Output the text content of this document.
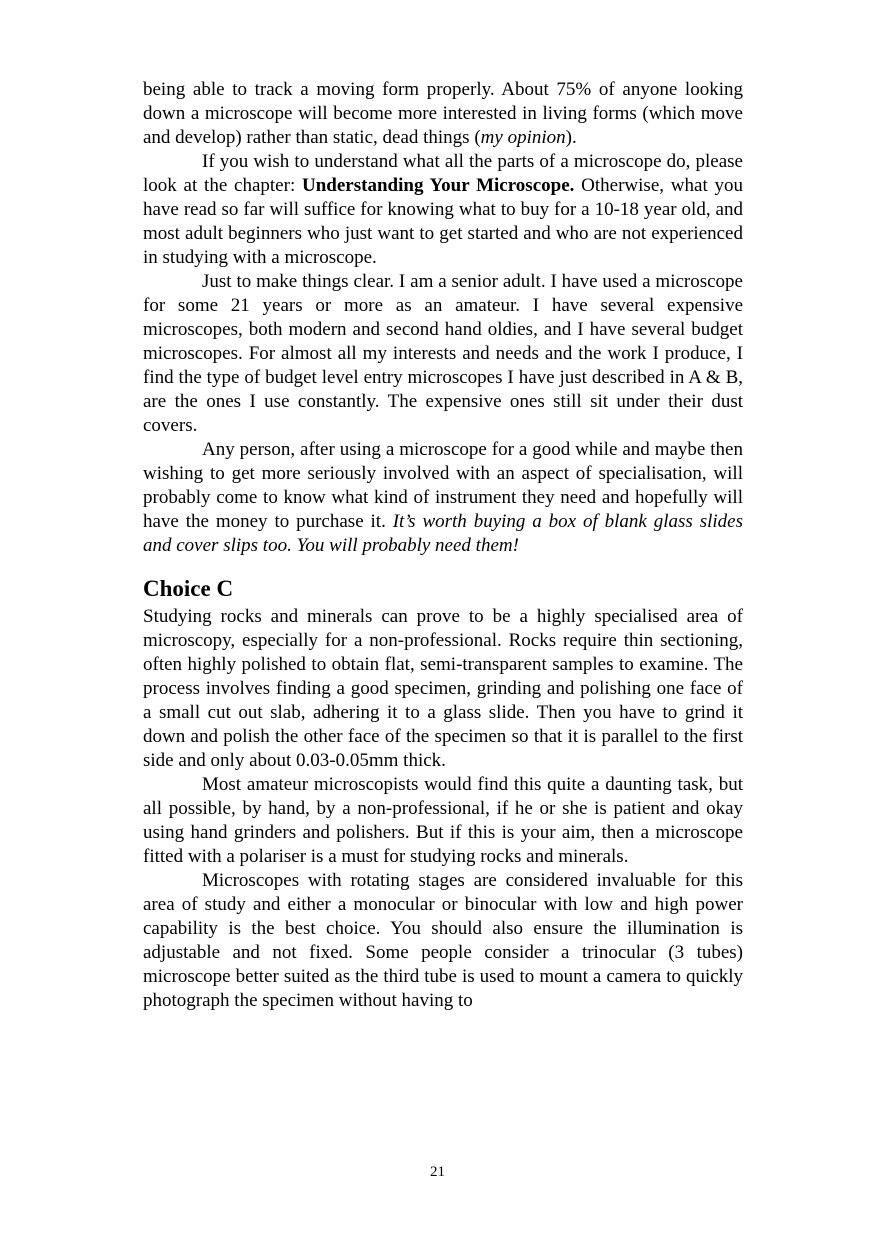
being able to track a moving form properly. About 75% of anyone looking down a microscope will become more interested in living forms (which move and develop) rather than static, dead things (my opinion).

If you wish to understand what all the parts of a microscope do, please look at the chapter: Understanding Your Microscope. Otherwise, what you have read so far will suffice for knowing what to buy for a 10-18 year old, and most adult beginners who just want to get started and who are not experienced in studying with a microscope.

Just to make things clear. I am a senior adult. I have used a microscope for some 21 years or more as an amateur. I have several expensive microscopes, both modern and second hand oldies, and I have several budget microscopes. For almost all my interests and needs and the work I produce, I find the type of budget level entry microscopes I have just described in A & B, are the ones I use constantly. The expensive ones still sit under their dust covers.

Any person, after using a microscope for a good while and maybe then wishing to get more seriously involved with an aspect of specialisation, will probably come to know what kind of instrument they need and hopefully will have the money to purchase it. It’s worth buying a box of blank glass slides and cover slips too. You will probably need them!

Choice C

Studying rocks and minerals can prove to be a highly specialised area of microscopy, especially for a non-professional. Rocks require thin sectioning, often highly polished to obtain flat, semi-transparent samples to examine. The process involves finding a good specimen, grinding and polishing one face of a small cut out slab, adhering it to a glass slide. Then you have to grind it down and polish the other face of the specimen so that it is parallel to the first side and only about 0.03-0.05mm thick.

Most amateur microscopists would find this quite a daunting task, but all possible, by hand, by a non-professional, if he or she is patient and okay using hand grinders and polishers. But if this is your aim, then a microscope fitted with a polariser is a must for studying rocks and minerals.

Microscopes with rotating stages are considered invaluable for this area of study and either a monocular or binocular with low and high power capability is the best choice. You should also ensure the illumination is adjustable and not fixed. Some people consider a trinocular (3 tubes) microscope better suited as the third tube is used to mount a camera to quickly photograph the specimen without having to

21
